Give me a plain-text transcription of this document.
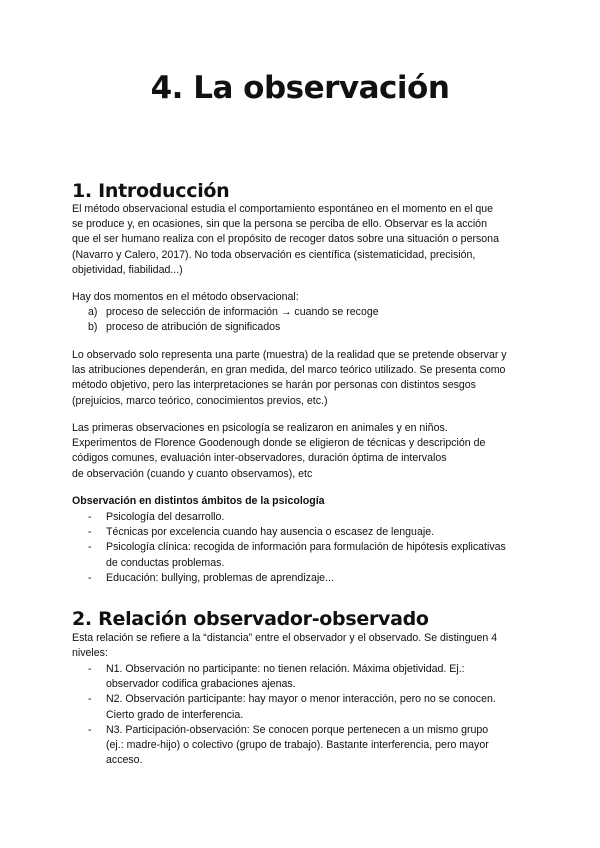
4. La observación
1. Introducción

El método observacional estudia el comportamiento espontáneo en el momento en el que
se produce y, en ocasiones, sin que la persona se perciba de ello. Observar es la acción
que el ser humano realiza con el propósito de recoger datos sobre una situación o persona
(Navarro y Calero, 2017). No toda observación es científica (sistematicidad, precisión,
objetividad, fiabilidad...)

Hay dos momentos en el método observacional:

a) proceso de selección de información → cuando se recoge
b) proceso de atribución de significados

Lo observado solo representa una parte (muestra) de la realidad que se pretende observar y
las atribuciones dependerán, en gran medida, del marco teórico utilizado. Se presenta como
método objetivo, pero las interpretaciones se harán por personas con distintos sesgos
(prejuicios, marco teórico, conocimientos previos, etc.)

Las primeras observaciones en psicología se realizaron en animales y en niños.
Experimentos de Florence Goodenough donde se eligieron de técnicas y descripción de
códigos comunes, evaluación inter-observadores, duración óptima de intervalos
de observación (cuando y cuanto observamos), etc

Observación en distintos ámbitos de la psicología

- Psicología del desarrollo.
- Técnicas por excelencia cuando hay ausencia o escasez de lenguaje.
- Psicología clínica: recogida de información para formulación de hipótesis explicativas
de conductas problemas.
- Educación: bullying, problemas de aprendizaje...
2. Relación observador-observado

Esta relación se refiere a la “distancia” entre el observador y el observado. Se distinguen 4
niveles:

- N1. Observación no participante: no tienen relación. Máxima objetividad. Ej.:
observador codifica grabaciones ajenas.
- N2. Observación participante: hay mayor o menor interacción, pero no se conocen.
Cierto grado de interferencia.
- N3. Participación-observación: Se conocen porque pertenecen a un mismo grupo
(ej.: madre-hijo) o colectivo (grupo de trabajo). Bastante interferencia, pero mayor
acceso.
